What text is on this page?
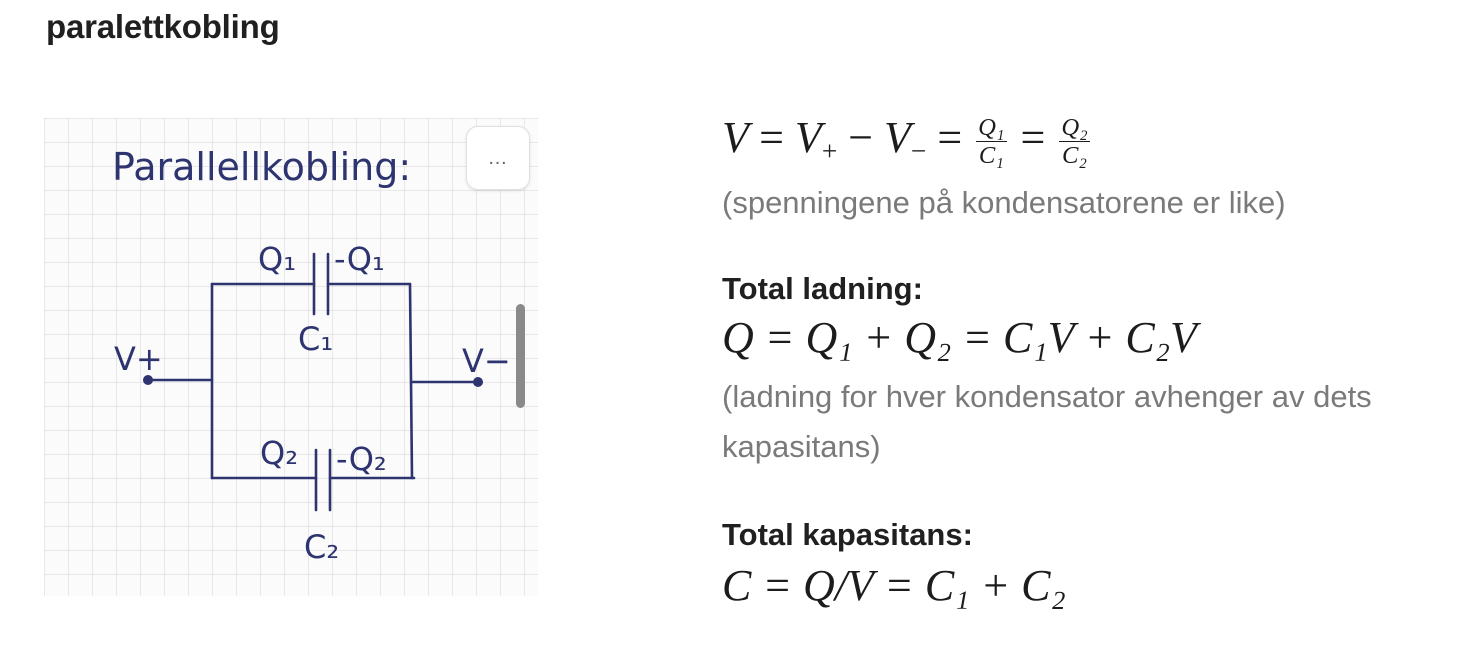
paralettkobling
Parallellkobling:
V+	V−
Q₁ -Q₁
C₁
Q₂ -Q₂
C₂
…	$V = V_+ - V_- = \frac{\text{Q₁}}{\text{C₁}} = \frac{\text{Q₂}}{\text{C₂}}$

(spenningene på kondensatorene er like)

Total ladning:

Q = Q₁ + Q₂ = C₁V + C₂V

(ladning for hver kondensator avhenger av dets kapasitans)

Total kapasitans:

C = Q/V = C₁ + C₂
